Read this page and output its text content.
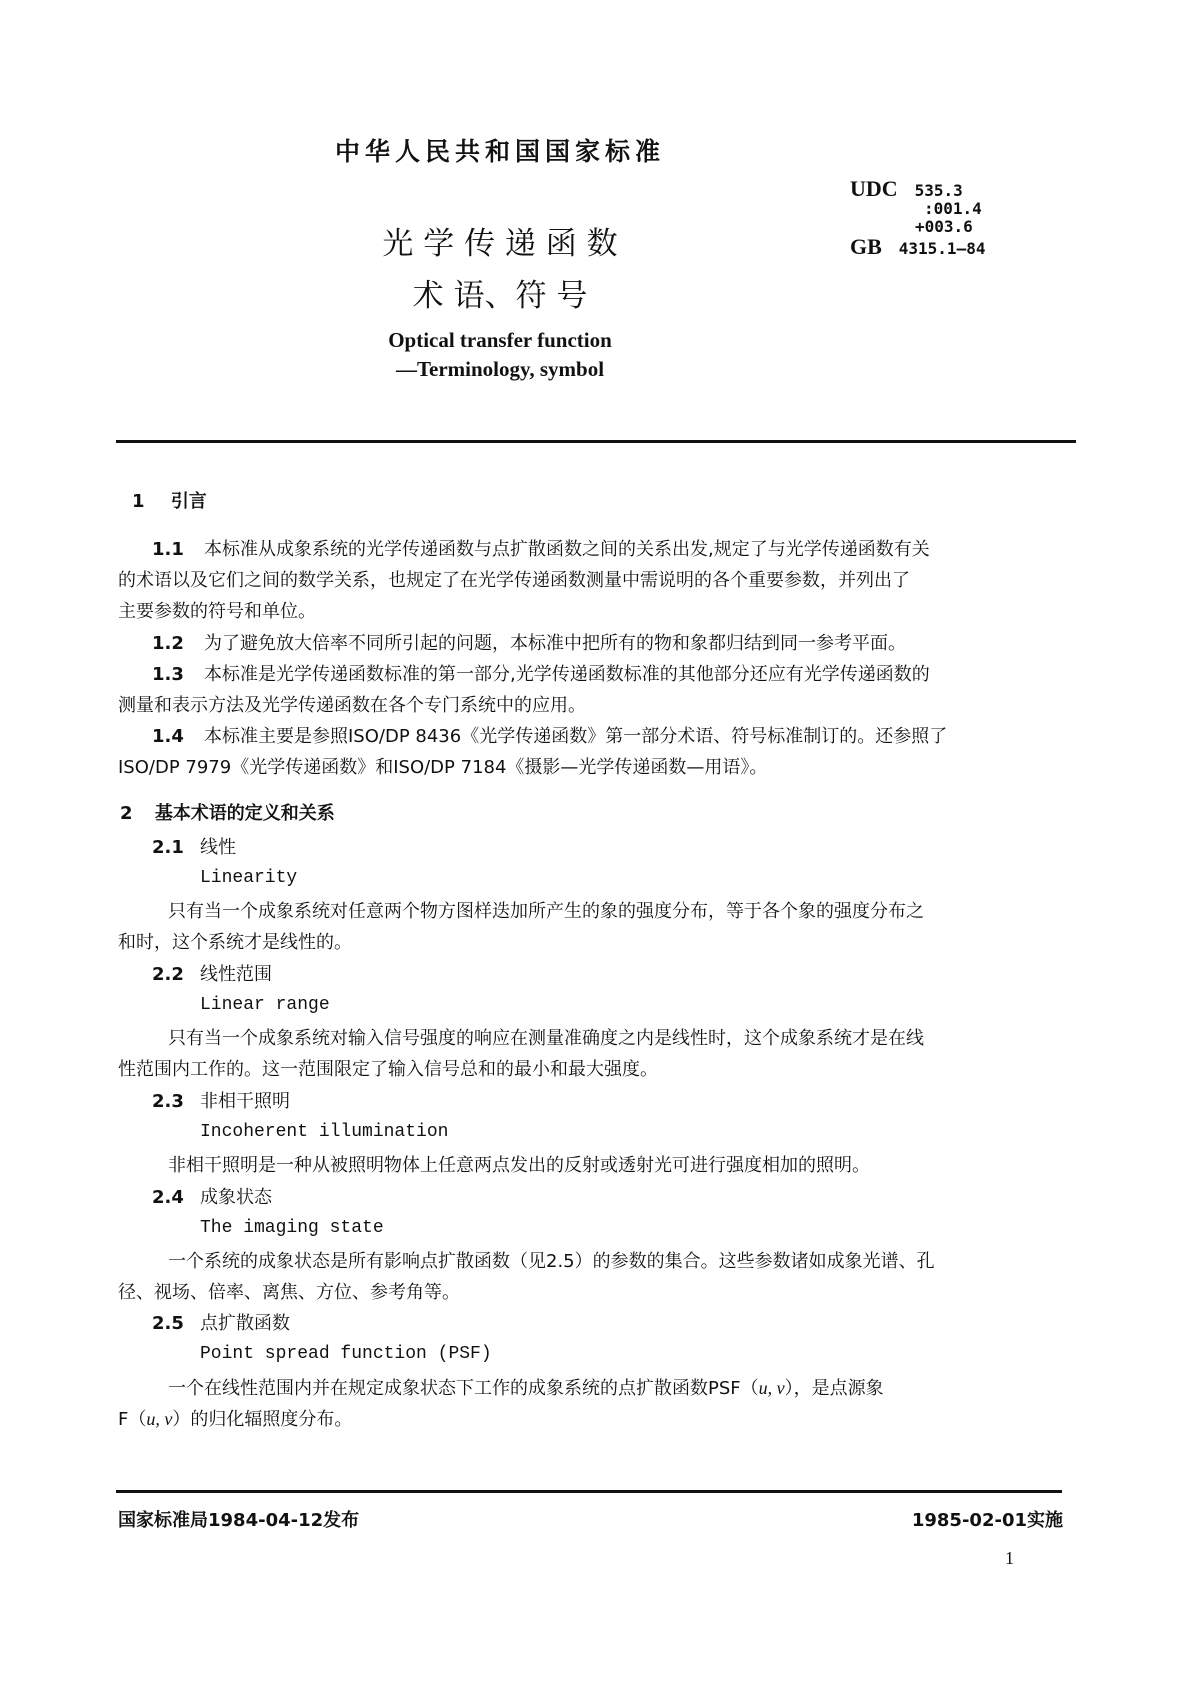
中华人民共和国国家标准
UDC 535.3
:001.4
+003.6
GB 4315.1—84
光 学 传 递 函 数
术 语、符 号
Optical transfer function
—Terminology, symbol
1 引言
1.1 本标准从成象系统的光学传递函数与点扩散函数之间的关系出发,规定了与光学传递函数有关
的术语以及它们之间的数学关系，也规定了在光学传递函数测量中需说明的各个重要参数，并列出了
主要参数的符号和单位。
1.2 为了避免放大倍率不同所引起的问题，本标准中把所有的物和象都归结到同一参考平面。
1.3 本标准是光学传递函数标准的第一部分,光学传递函数标准的其他部分还应有光学传递函数的
测量和表示方法及光学传递函数在各个专门系统中的应用。
1.4 本标准主要是参照ISO/DP 8436《光学传递函数》第一部分术语、符号标准制订的。还参照了
ISO/DP 7979《光学传递函数》和ISO/DP 7184《摄影—光学传递函数—用语》。
2 基本术语的定义和关系
2.1 线性
Linearity
只有当一个成象系统对任意两个物方图样迭加所产生的象的强度分布，等于各个象的强度分布之
和时，这个系统才是线性的。
2.2 线性范围
Linear range
只有当一个成象系统对输入信号强度的响应在测量准确度之内是线性时，这个成象系统才是在线
性范围内工作的。这一范围限定了输入信号总和的最小和最大强度。
2.3 非相干照明
Incoherent illumination
非相干照明是一种从被照明物体上任意两点发出的反射或透射光可进行强度相加的照明。
2.4 成象状态
The imaging state
一个系统的成象状态是所有影响点扩散函数（见2.5）的参数的集合。这些参数诸如成象光谱、孔
径、视场、倍率、离焦、方位、参考角等。
2.5 点扩散函数
Point spread function (PSF)
一个在线性范围内并在规定成象状态下工作的成象系统的点扩散函数PSF（u, v），是点源象
F（u, v）的归化辐照度分布。
国家标准局1984-04-12发布	1985-02-01实施
1
